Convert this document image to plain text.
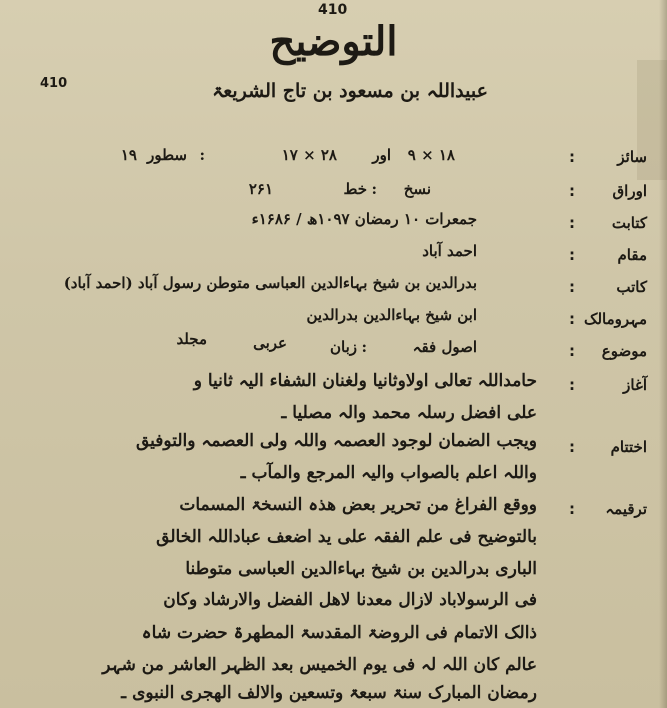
410
410
التوضیح
عبیداللہ بن مسعود بن تاج الشریعۃ
سائز
:
۲۸ × ۱۷ اور ۱۸ × ۹
سطور :
۱۹
اوراق
:
۲۶۱	خط : نسخ
کتابت
:
جمعرات ۱۰ رمضان ۱۰۹۷ھ / ۱۶۸۶ء
مقام
:
احمد آباد
کاتب
:
بدرالدین بن شیخ بہاءالدین العباسی متوطن رسول آباد (احمد آباد)
مہرومالک
:
ابن شیخ بہاءالدین بدرالدین
موضوع
:
اصول فقہ
زبان :
عربی
مجلد
آغاز
:
حامداللہ تعالی اولاوثانیا ولغنان الشفاء الیہ ثانیا و
علی افضل رسلہ محمد والہ مصلیا ـ
اختتام
:
ویجب الضمان لوجود العصمہ واللہ ولی العصمہ والتوفیق
واللہ اعلم بالصواب والیہ المرجع والمآب ـ
ترقیمہ
:
ووقع الفراغ من تحریر بعض ھذہ النسخۃ المسمات
بالتوضیح فی علم الفقہ علی ید اضعف عباداللہ الخالق
الباری بدرالدین بن شیخ بہاءالدین العباسی متوطنا
فی الرسولاباد لازال معدنا لاھل الفضل والارشاد وکان
ذالک الاتمام فی الروضۃ المقدسۃ المطھرۃ حضرت شاہ
عالم کان اللہ لہ فی یوم الخمیس بعد الظہر العاشر من شہر
رمضان المبارک سنۃ سبعۃ وتسعین والالف الھجری النبوی ـ
